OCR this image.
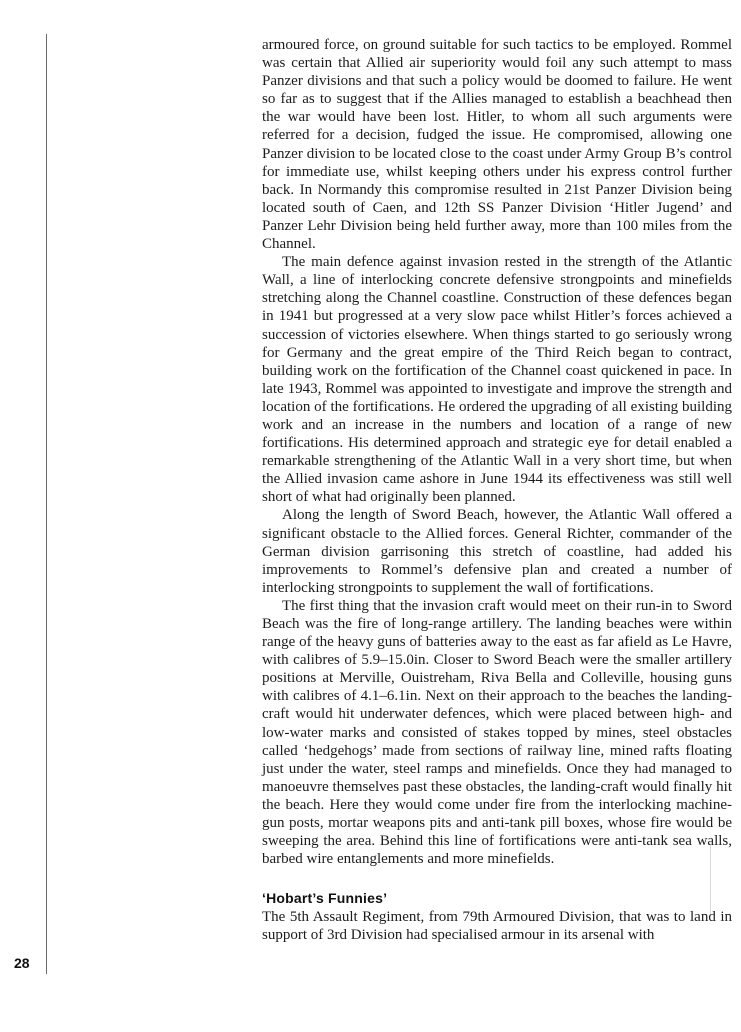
armoured force, on ground suitable for such tactics to be employed. Rommel was certain that Allied air superiority would foil any such attempt to mass Panzer divisions and that such a policy would be doomed to failure. He went so far as to suggest that if the Allies managed to establish a beachhead then the war would have been lost. Hitler, to whom all such arguments were referred for a decision, fudged the issue. He compromised, allowing one Panzer division to be located close to the coast under Army Group B’s control for immediate use, whilst keeping others under his express control further back. In Normandy this compromise resulted in 21st Panzer Division being located south of Caen, and 12th SS Panzer Division ‘Hitler Jugend’ and Panzer Lehr Division being held further away, more than 100 miles from the Channel.

The main defence against invasion rested in the strength of the Atlantic Wall, a line of interlocking concrete defensive strongpoints and minefields stretching along the Channel coastline. Construction of these defences began in 1941 but progressed at a very slow pace whilst Hitler’s forces achieved a succession of victories elsewhere. When things started to go seriously wrong for Germany and the great empire of the Third Reich began to contract, building work on the fortification of the Channel coast quickened in pace. In late 1943, Rommel was appointed to investigate and improve the strength and location of the fortifications. He ordered the upgrading of all existing building work and an increase in the numbers and location of a range of new fortifications. His determined approach and strategic eye for detail enabled a remarkable strengthening of the Atlantic Wall in a very short time, but when the Allied invasion came ashore in June 1944 its effectiveness was still well short of what had originally been planned.

Along the length of Sword Beach, however, the Atlantic Wall offered a significant obstacle to the Allied forces. General Richter, commander of the German division garrisoning this stretch of coastline, had added his improvements to Rommel’s defensive plan and created a number of interlocking strongpoints to supplement the wall of fortifications.

The first thing that the invasion craft would meet on their run-in to Sword Beach was the fire of long-range artillery. The landing beaches were within range of the heavy guns of batteries away to the east as far afield as Le Havre, with calibres of 5.9–15.0in. Closer to Sword Beach were the smaller artillery positions at Merville, Ouistreham, Riva Bella and Colleville, housing guns with calibres of 4.1–6.1in. Next on their approach to the beaches the landing-craft would hit underwater defences, which were placed between high- and low-water marks and consisted of stakes topped by mines, steel obstacles called ‘hedgehogs’ made from sections of railway line, mined rafts floating just under the water, steel ramps and minefields. Once they had managed to manoeuvre themselves past these obstacles, the landing-craft would finally hit the beach. Here they would come under fire from the interlocking machine-gun posts, mortar weapons pits and anti-tank pill boxes, whose fire would be sweeping the area. Behind this line of fortifications were anti-tank sea walls, barbed wire entanglements and more minefields.

‘Hobart’s Funnies’

The 5th Assault Regiment, from 79th Armoured Division, that was to land in support of 3rd Division had specialised armour in its arsenal with

28
